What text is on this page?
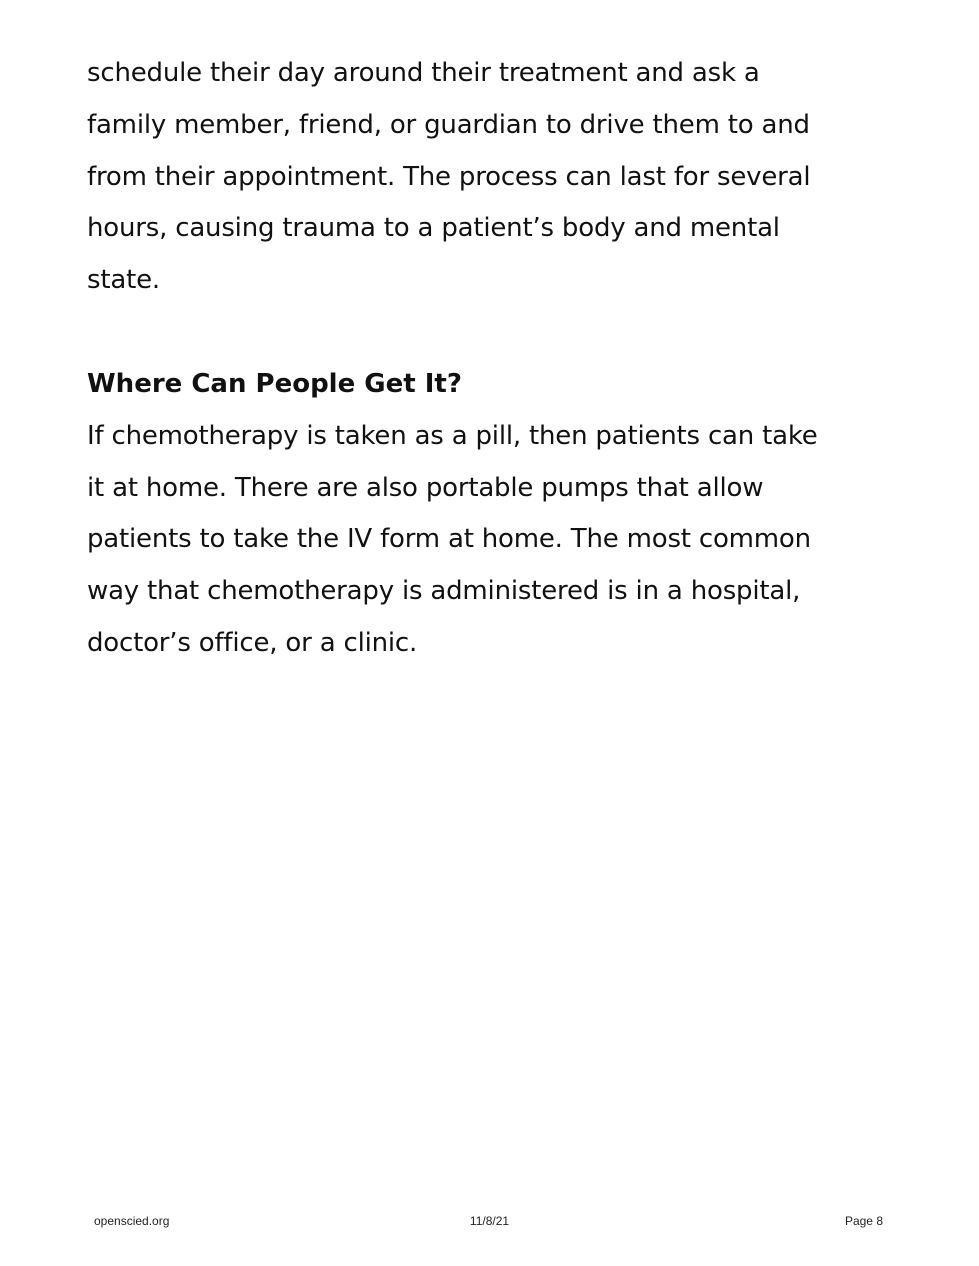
schedule their day around their treatment and ask a
family member, friend, or guardian to drive them to and
from their appointment. The process can last for several
hours, causing trauma to a patient’s body and mental
state.

Where Can People Get It?

If chemotherapy is taken as a pill, then patients can take
it at home. There are also portable pumps that allow
patients to take the IV form at home. The most common
way that chemotherapy is administered is in a hospital,
doctor’s office, or a clinic.

openscied.org	11/8/21	Page 8
